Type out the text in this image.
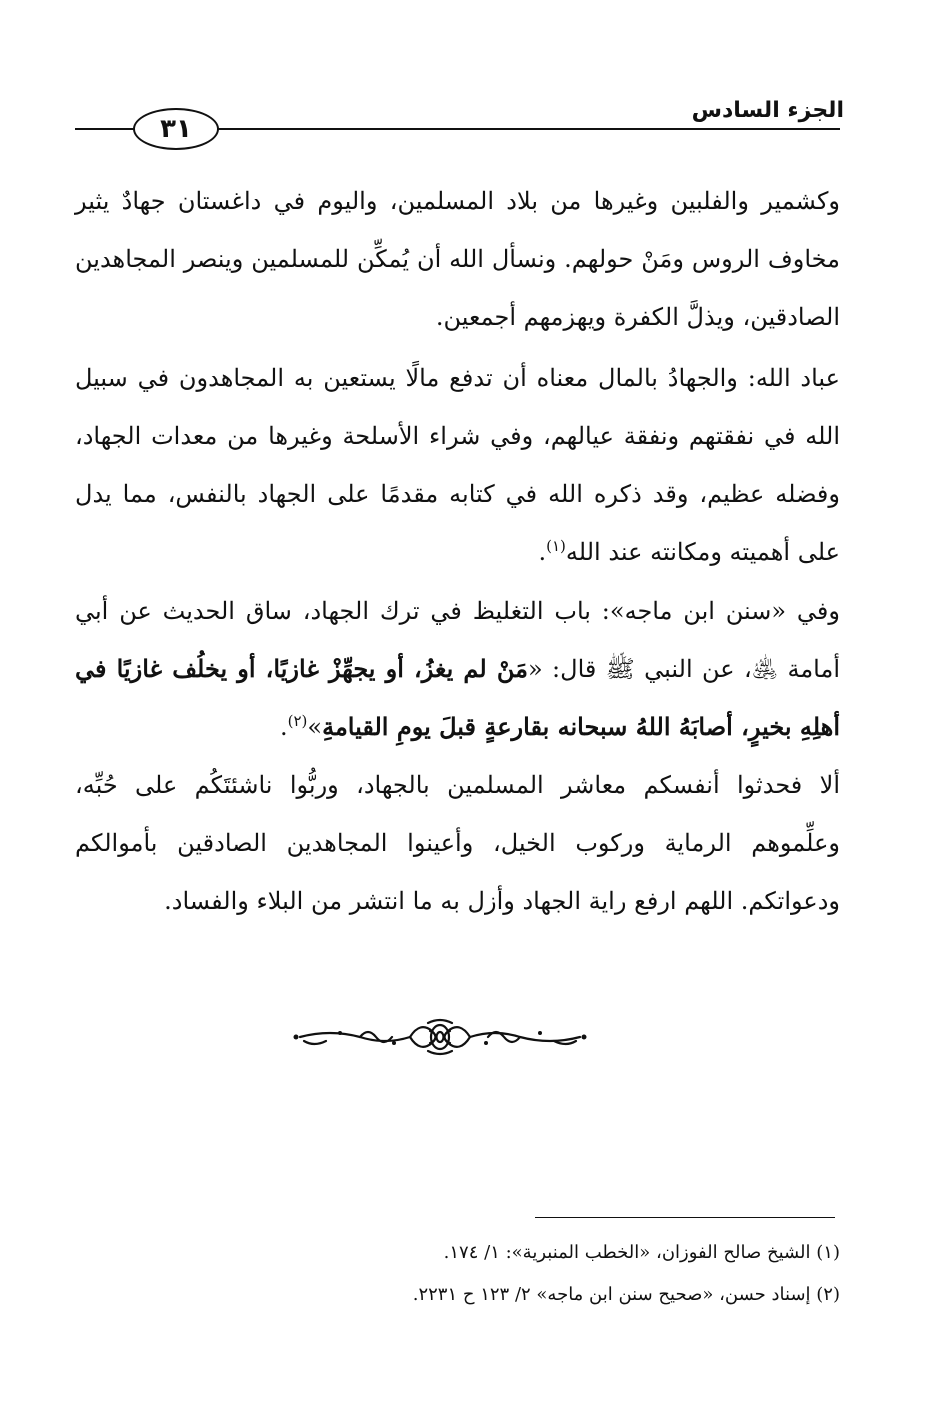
الجزء السادس
٣١

وكشمير والفلبين وغيرها من بلاد المسلمين، واليوم في داغستان جهادٌ يثير مخاوف الروس ومَنْ حولهم. ونسأل الله أن يُمكِّن للمسلمين وينصر المجاهدين الصادقين، ويذلَّ الكفرة ويهزمهم أجمعين.

عباد الله: والجهادُ بالمال معناه أن تدفع مالًا يستعين به المجاهدون في سبيل الله في نفقتهم ونفقة عيالهم، وفي شراء الأسلحة وغيرها من معدات الجهاد، وفضله عظيم، وقد ذكره الله في كتابه مقدمًا على الجهاد بالنفس، مما يدل على أهميته ومكانته عند الله$^{(١)}$.

وفي «سنن ابن ماجه»: باب التغليظ في ترك الجهاد، ساق الحديث عن أبي أمامة ﵁، عن النبي ﷺ قال: «مَنْ لم يغزُ، أو يجهِّزْ غازيًا، أو يخلُف غازيًا في أهلِهِ بخيرٍ، أصابَهُ اللهُ سبحانه بقارعةٍ قبلَ يومِ القيامةِ»$^{(٢)}$.

ألا فحدثوا أنفسكم معاشر المسلمين بالجهاد، وربُّوا ناشئتَكُم على حُبِّه، وعلِّموهم الرماية وركوب الخيل، وأعينوا المجاهدين الصادقين بأموالكم ودعواتكم. اللهم ارفع راية الجهاد وأزل به ما انتشر من البلاء والفساد.

(١) الشيخ صالح الفوزان، «الخطب المنبرية»: ١/ ١٧٤.

(٢) إسناد حسن، «صحيح سنن ابن ماجه» ٢/ ١٢٣ ح ٢٢٣١.
